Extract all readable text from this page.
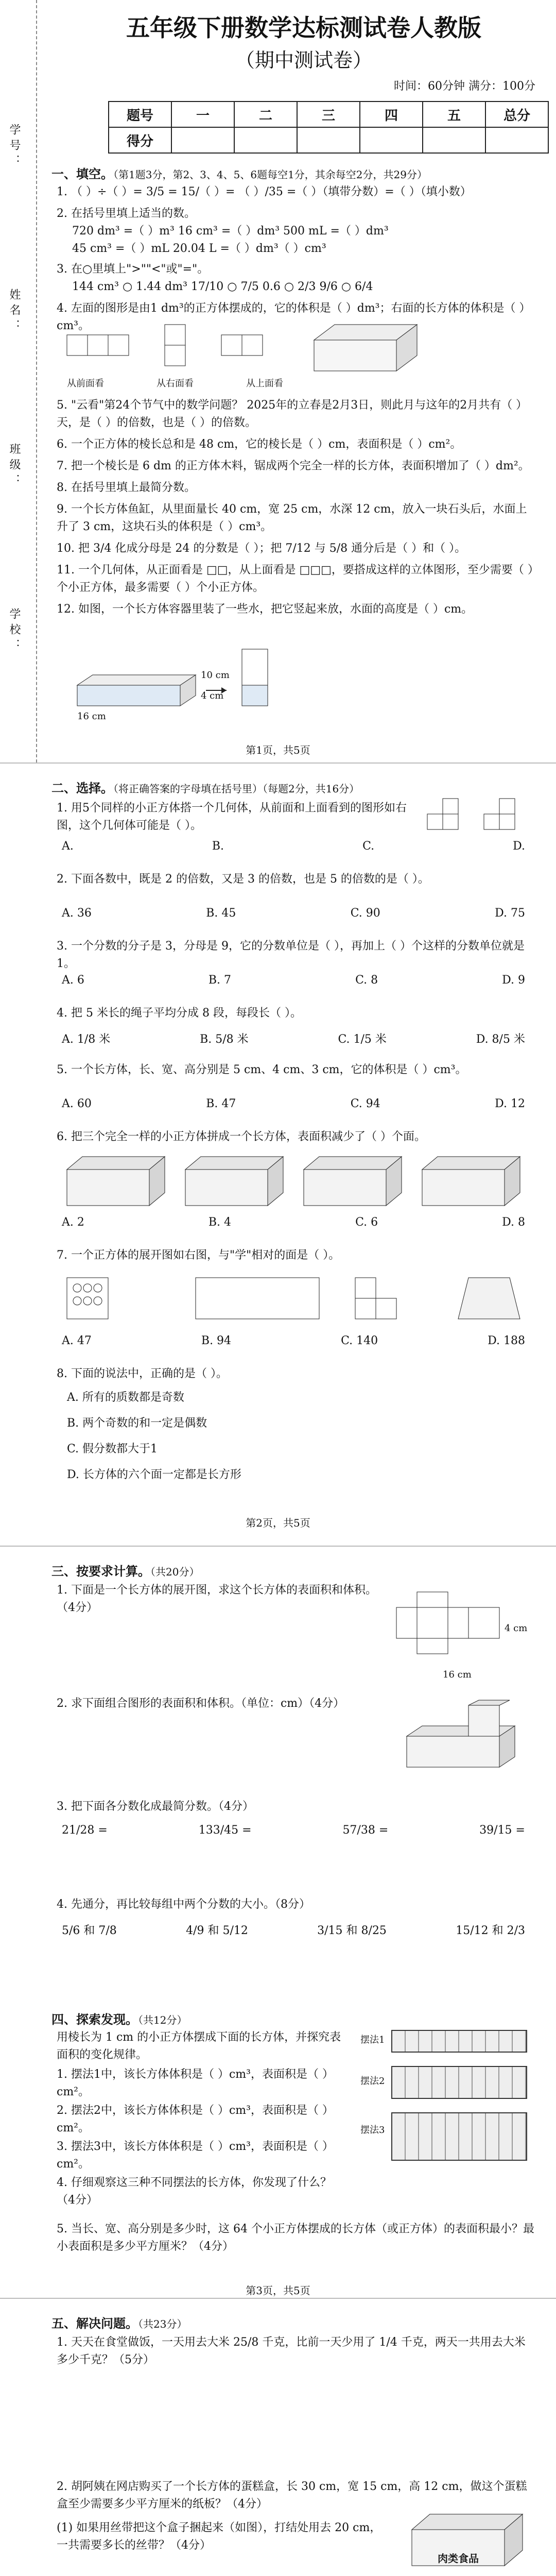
学号：
姓名：
班级：
学校：
五年级下册数学达标测试卷人教版
（期中测试卷）
时间：60分钟 满分：100分
题号	一	二	三	四	五	总分
得分						
一、填空。（第1题3分，第2、3、4、5、6题每空1分，其余每空2分，共29分）
1. （ ）÷（ ）= 3/5 = 15/（ ）= （ ）/35 =（ ）（填带分数）=（ ）（填小数）
2. 在括号里填上适当的数。
720 dm³ =（ ）m³ 16 cm³ =（ ）dm³ 500 mL =（ ）dm³
45 cm³ =（ ）mL 20.04 L =（ ）dm³（ ）cm³
3. 在○里填上">""<"或"="。
144 cm³ ○ 1.44 dm³ 17/10 ○ 7/5 0.6 ○ 2/3 9/6 ○ 6/4
4. 左面的图形是由1 dm³的正方体摆成的，它的体积是（ ）dm³；右面的长方体的体积是（ ）cm³。
从前面看	从右面看	从上面看
5. "云看"第24个节气中的数学问题？ 2025年的立春是2月3日，则此月与这年的2月共有（ ）天，是（ ）的倍数，也是（ ）的倍数。
6. 一个正方体的棱长总和是 48 cm，它的棱长是（ ）cm，表面积是（ ）cm²。
7. 把一个棱长是 6 dm 的正方体木料，锯成两个完全一样的长方体，表面积增加了（ ）dm²。
8. 在括号里填上最简分数。
9. 一个长方体鱼缸，从里面量长 40 cm，宽 25 cm，水深 12 cm，放入一块石头后，水面上升了 3 cm，这块石头的体积是（ ）cm³。
10. 把 3/4 化成分母是 24 的分数是（ ）；把 7/12 与 5/8 通分后是（ ）和（ ）。
11. 一个几何体，从正面看是 □□，从上面看是 □□□，要搭成这样的立体图形，至少需要（ ）个小正方体，最多需要（ ）个小正方体。
12. 如图，一个长方体容器里装了一些水，把它竖起来放，水面的高度是（ ）cm。
16 cm
10 cm
4 cm
第1页，共5页
二、选择。（将正确答案的字母填在括号里）（每题2分，共16分）
1. 用5个同样的小正方体搭一个几何体，从前面和上面看到的图形如右图，这个几何体可能是（ ）。
A.	B.	C.	D.
2. 下面各数中，既是 2 的倍数，又是 3 的倍数，也是 5 的倍数的是（ ）。
A. 36	B. 45	C. 90	D. 75
3. 一个分数的分子是 3，分母是 9，它的分数单位是（ ），再加上（ ）个这样的分数单位就是 1。
A. 6	B. 7	C. 8	D. 9
4. 把 5 米长的绳子平均分成 8 段，每段长（ ）。
A. 1/8 米	B. 5/8 米	C. 1/5 米	D. 8/5 米
5. 一个长方体，长、宽、高分别是 5 cm、4 cm、3 cm，它的体积是（ ）cm³。
A. 60	B. 47	C. 94	D. 12
6. 把三个完全一样的小正方体拼成一个长方体，表面积减少了（ ）个面。
A. 2	B. 4	C. 6	D. 8
7. 一个正方体的展开图如右图，与"学"相对的面是（ ）。
A. 47	B. 94	C. 140	D. 188
8. 下面的说法中，正确的是（ ）。
A. 所有的质数都是奇数
B. 两个奇数的和一定是偶数
C. 假分数都大于1
D. 长方体的六个面一定都是长方形
第2页，共5页
三、按要求计算。（共20分）
1. 下面是一个长方体的展开图，求这个长方体的表面积和体积。（4分）
16 cm
4 cm
2. 求下面组合图形的表面积和体积。（单位：cm）（4分）
3. 把下面各分数化成最简分数。（4分）
21/28 =	133/45 =	57/38 =	39/15 =
4. 先通分，再比较每组中两个分数的大小。（8分）
5/6 和 7/8	4/9 和 5/12	3/15 和 8/25	15/12 和 2/3
四、探索发现。（共12分）
用棱长为 1 cm 的小正方体摆成下面的长方体，并探究表面积的变化规律。
1. 摆法1中，该长方体体积是（ ）cm³，表面积是（ ）cm²。
2. 摆法2中，该长方体体积是（ ）cm³，表面积是（ ）cm²。
3. 摆法3中，该长方体体积是（ ）cm³，表面积是（ ）cm²。
4. 仔细观察这三种不同摆法的长方体，你发现了什么？（4分）
摆法1
摆法2
摆法3
5. 当长、宽、高分别是多少时，这 64 个小正方体摆成的长方体（或正方体）的表面积最小？最小表面积是多少平方厘米？（4分）
第3页，共5页
五、解决问题。（共23分）
1. 天天在食堂做饭，一天用去大米 25/8 千克，比前一天少用了 1/4 千克，两天一共用去大米多少千克？（5分）
2. 胡阿姨在网店购买了一个长方体的蛋糕盒，长 30 cm，宽 15 cm，高 12 cm，做这个蛋糕盒至少需要多少平方厘米的纸板？（4分）
(1) 如果用丝带把这个盒子捆起来（如图），打结处用去 20 cm，一共需要多长的丝带？（4分）
肉类食品
